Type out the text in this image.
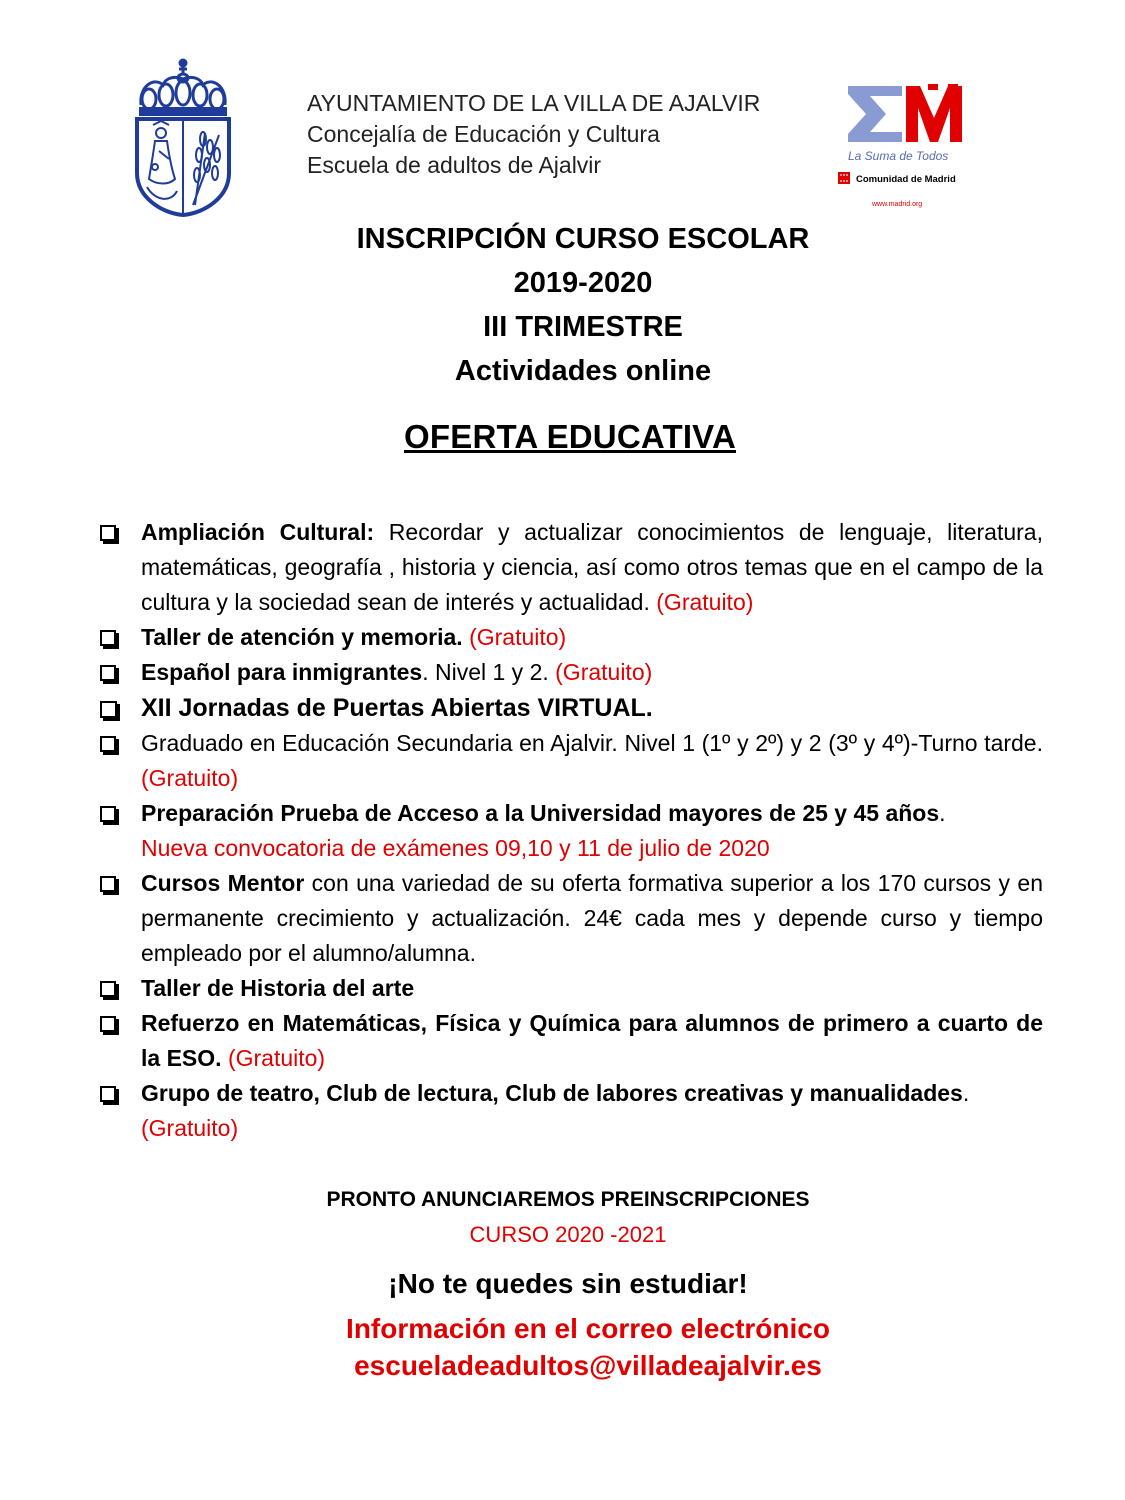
AYUNTAMIENTO DE LA VILLA DE AJALVIR
Concejalía de Educación y Cultura
Escuela de adultos de Ajalvir	La Suma de Todos
Comunidad de Madrid
www.madrid.org
INSCRIPCIÓN CURSO ESCOLAR
2019-2020
III TRIMESTRE
Actividades online
OFERTA EDUCATIVA
Ampliación Cultural: Recordar y actualizar conocimientos de lenguaje, literatura, matemáticas, geografía , historia y ciencia, así como otros temas que en el campo de la cultura y la sociedad sean de interés y actualidad. (Gratuito)
Taller de atención y memoria. (Gratuito)
Español para inmigrantes. Nivel 1 y 2. (Gratuito)
XII Jornadas de Puertas Abiertas VIRTUAL.
Graduado en Educación Secundaria en Ajalvir. Nivel 1 (1º y 2º) y 2 (3º y 4º)-Turno tarde. (Gratuito)
Preparación Prueba de Acceso a la Universidad mayores de 25 y 45 años.
Nueva convocatoria de exámenes 09,10 y 11 de julio de 2020
Cursos Mentor con una variedad de su oferta formativa superior a los 170 cursos y en permanente crecimiento y actualización. 24€ cada mes y depende curso y tiempo empleado por el alumno/alumna.
Taller de Historia del arte
Refuerzo en Matemáticas, Física y Química para alumnos de primero a cuarto de la ESO. (Gratuito)
Grupo de teatro, Club de lectura, Club de labores creativas y manualidades. (Gratuito)
PRONTO ANUNCIAREMOS PREINSCRIPCIONES
CURSO 2020 -2021
¡No te quedes sin estudiar!
Información en el correo electrónico
escueladeadultos@villadeajalvir.es
